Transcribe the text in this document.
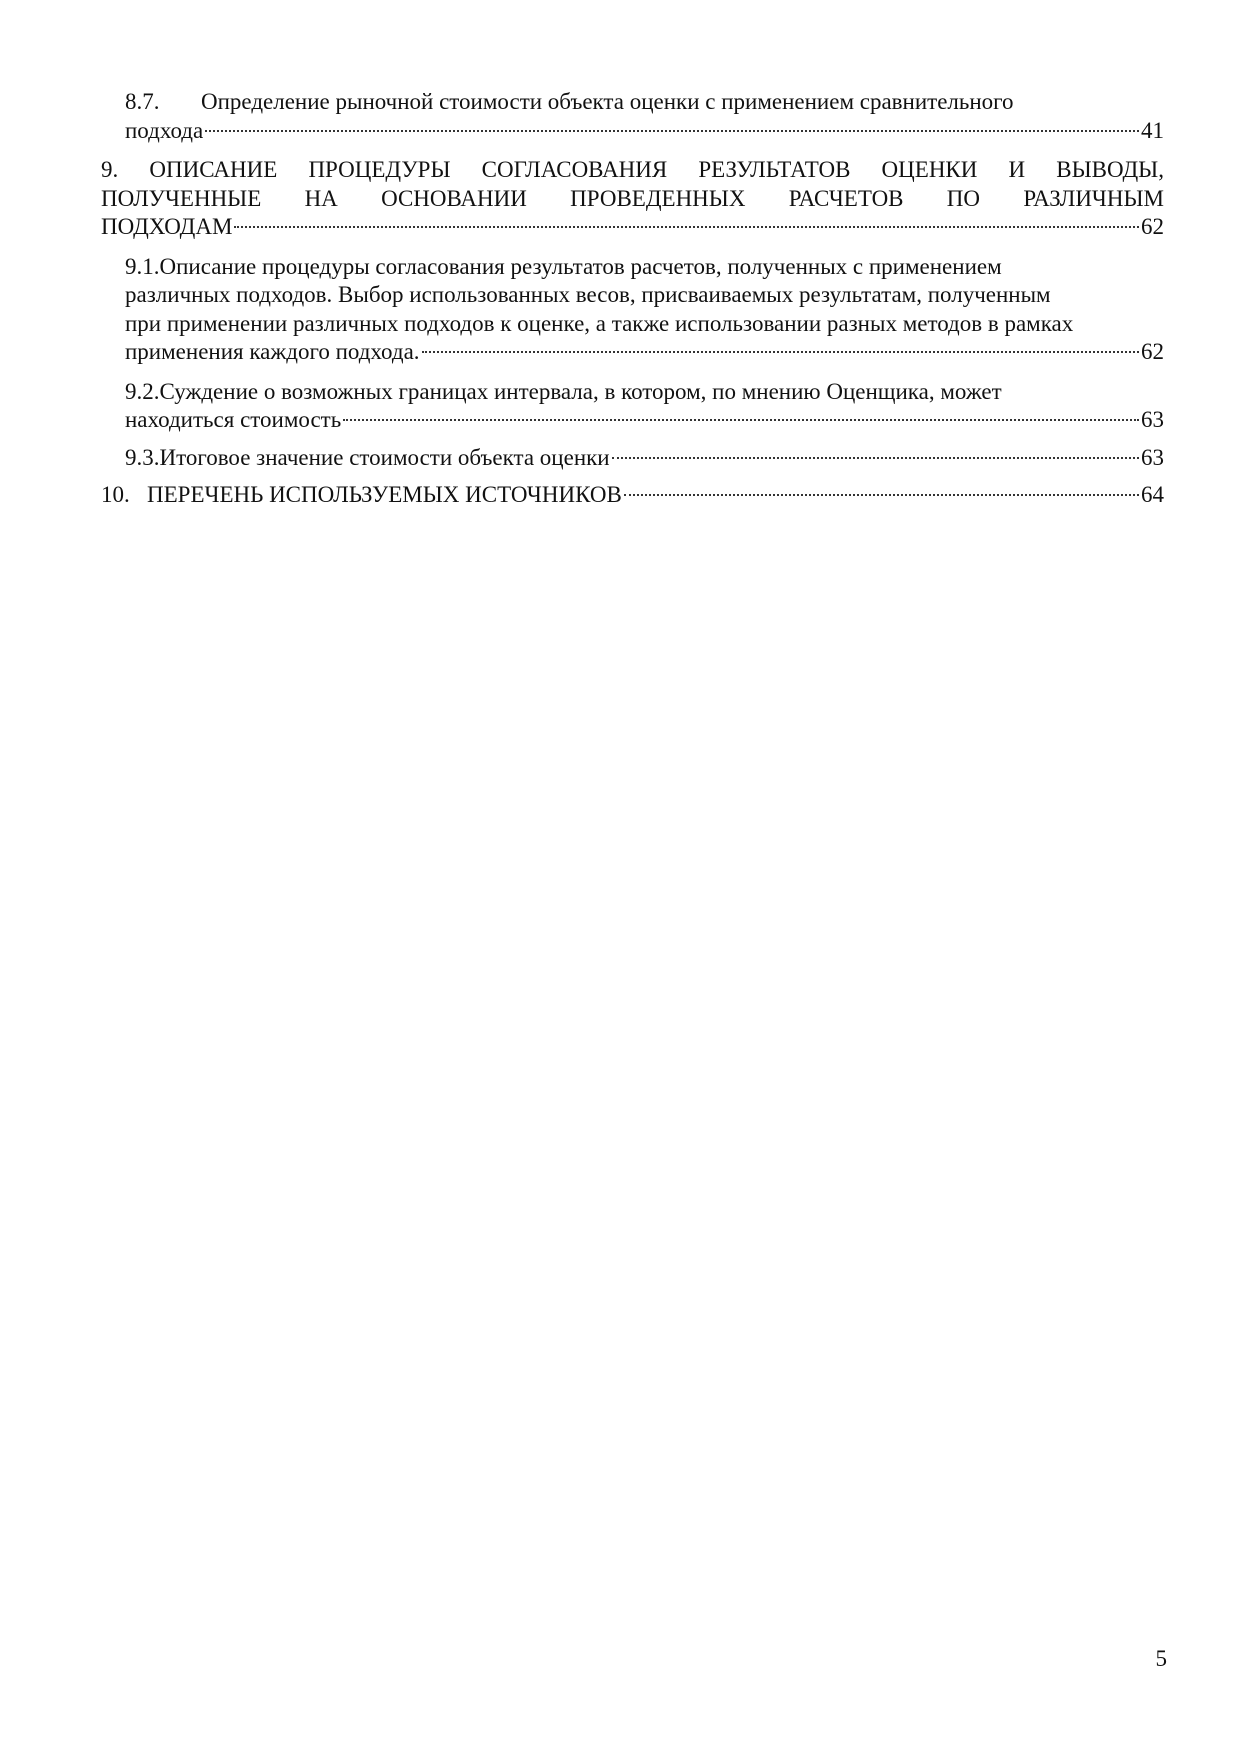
8.7. Определение рыночной стоимости объекта оценки с применением сравнительного
подхода	41
9. ОПИСАНИЕ ПРОЦЕДУРЫ СОГЛАСОВАНИЯ РЕЗУЛЬТАТОВ ОЦЕНКИ И ВЫВОДЫ,
ПОЛУЧЕННЫЕ НА ОСНОВАНИИ ПРОВЕДЕННЫХ РАСЧЕТОВ ПО РАЗЛИЧНЫМ
ПОДХОДАМ	62
9.1.Описание процедуры согласования результатов расчетов, полученных с применением
различных подходов. Выбор использованных весов, присваиваемых результатам, полученным
при применении различных подходов к оценке, а также использовании разных методов в рамках
применения каждого подхода.	62
9.2.Суждение о возможных границах интервала, в котором, по мнению Оценщика, может
находиться стоимость	63
9.3.Итоговое значение стоимости объекта оценки	63
10. ПЕРЕЧЕНЬ ИСПОЛЬЗУЕМЫХ ИСТОЧНИКОВ	64
5
